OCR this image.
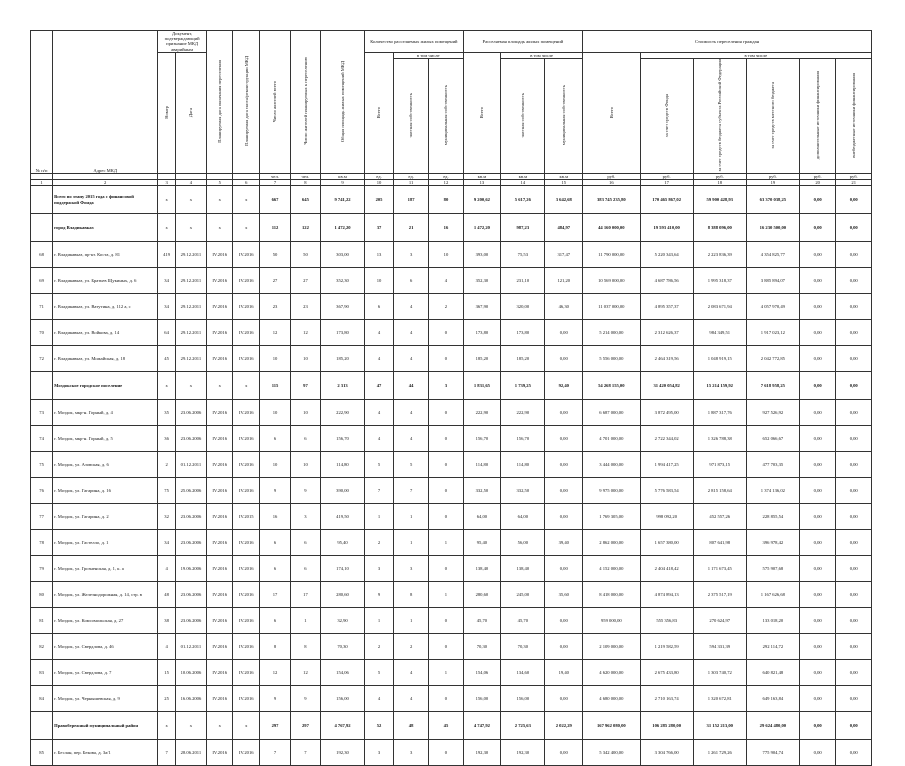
№ п/п	Адрес МКД	Документ, подтверждающий признание МКД аварийным		Планируемая дата окончания переселения	Планируемая дата сноса/реконструкции МКД	Число жителей всего	Число жителей планируемых к переселению	Общая площадь жилых помещений МКД	Количество расселяемых жилых помещений			Расселяемая площадь жилых помещений			Стоимость переселения граждан					
		Номер	Дата						Всего	в том числе		Всего	в том числе		Всего	в том числе				
										частная собственность	муниципальная собственность		частная собственность	муниципальная собственность		за счет средств Фонда	за счет средств бюджета субъекта Российской Федерации	за счет средств местного бюджета	дополнительные источники финансирования	внебюджетные источники финансирования
						чел.	чел.	кв.м	ед.	ед.	ед.	кв.м	кв.м	кв.м	руб.	руб.	руб.	руб.	руб.	руб.
1	2	3	4	5	6	7	8	9	10	11	12	13	14	15	16	17	18	19	20	21
	Всего по этапу 2015 года с финансовой поддержкой Фонда	x	x	x	x	667	645	9 741,22	205	187	80	9 200,62	5 617,26	3 642,68	383 745 235,80	170 465 867,02	59 900 428,93	63 370 038,25	0,00	0,00
	город Владикавказ	x	x	x	x	112	122	1 472,20	37	21	16	1 472,20	987,23	484,97	44 160 000,00	19 593 410,00	8 388 096,00	16 230 500,00	0,00	0,00
68	г. Владикавказ, пр-кт. Коста, д. 81	419	29.12.2011	IV.2016	IV.2016	50	50	303,00	13	3	10	393,00	75,53	317,47	11 790 000,00	5 220 343,64	2 223 836,39	4 354 825,77	0,00	0,00
69	г. Владикавказ, ул. Братьев Щукиных, д. 6	34	29.12.2011	IV.2016	IV.2016	27	27	352,30	10	6	4	352,30	231,10	121,20	10 569 000,00	4 687 786,56	1 995 318,37	3 885 894,07	0,00	0,00
71	г. Владикавказ, ул. Ватутина, д. 112 а, с	34	29.12.2011	IV.2016	IV.2016	23	23	367,90	6	4	2	367,90	320,00	46,30	11 037 000,00	4 895 357,37	2 083 671,94	4 057 970,49	0,00	0,00
70	г. Владикавказ, ул. Войкова, д. 14	64	29.12.2011	IV.2016	IV.2016	12	12	173,80	4	4	0	173,80	173,80	0,00	5 214 000,00	2 312 626,37	984 349,51	1 917 023,12	0,00	0,00
72	г. Владикавказ, ул. Можайская, д. 18	45	29.12.2011	IV.2016	IV.2016	10	10	185,20	4	4	0	185,20	185,20	0,00	5 556 000,00	2 464 319,56	1 048 919,15	2 042 772,85	0,00	0,00
	Моздокское городское поселение	x	x	x	x	115	97	2 313	47	44	3	1 831,65	1 739,25	92,40	54 268 155,00	31 420 054,82	15 214 159,92	7 618 958,25	0,00	0,00
73	г. Моздок, мкр-н. Горный, д. 4	35	23.06.2006	IV.2016	IV.2016	10	10	222,90	4	4	0	222,90	222,90	0,00	6 687 000,00	3 872 495,00	1 887 317,76	927 526,92	0,00	0,00
74	г. Моздок, мкр-н. Горный, д. 5	36	23.06.2006	IV.2016	IV.2016	6	6	156,70	4	4	0	156,70	156,70	0,00	4 701 000,00	2 722 344,02	1 326 788,38	652 066,67	0,00	0,00
75	г. Моздок, ул. Азовская, д. 6	2	01.12.2011	IV.2016	IV.2016	10	10	114,80	5	5	0	114,80	114,80	0,00	3 444 000,00	1 994 417,25	971 873,15	477 703,35	0,00	0,00
76	г. Моздок, ул. Гагарина, д. 16	75	25.06.2006	IV.2016	IV.2016	9	9	390,00	7	7	0	332,50	332,50	0,00	9 975 000,00	5 776 583,54	2 815 158,64	1 374 136,02	0,00	0,00
77	г. Моздок, ул. Гагарина, д. 2	32	23.06.2006	IV.2016	IV.2015	16	3	419,50	1	1	0	64,00	64,00	0,00	1 769 305,00	998 092,20	452 557,26	228 855,54	0,00	0,00
78	г. Моздок, ул. Гастелло, д. 1	34	23.06.2006	IV.2016	IV.2016	6	6	95,40	2	1	1	95,40	56,00	39,40	2 862 000,00	1 657 380,00	807 641,98	396 978,42	0,00	0,00
79	г. Моздок, ул. Грозненская, д. 1, к. а	4	19.06.2006	IV.2016	IV.2016	6	6	174,10	3	3	0	138,40	138,40	0,00	4 152 000,00	2 404 418,42	1 171 673,45	575 907,68	0,00	0,00
80	г. Моздок, ул. Железнодорожная, д. 14, стр. в	48	23.06.2006	IV.2016	IV.2016	17	17	280,60	9	8	1	280,60	245,00	35,60	8 418 000,00	4 874 894,13	2 375 517,19	1 167 626,68	0,00	0,00
81	г. Моздок, ул. Комсомольская, д. 27	38	23.06.2006	IV.2016	IV.2016	6	1	32,90	1	1	0	45,70	45,70	0,00	959 000,00	555 356,83	270 624,97	133 018,20	0,00	0,00
82	г. Моздок, ул. Свердлова, д. 46	4	01.12.2011	IV.2016	IV.2016	8	8	70,30	2	2	0	70,30	70,30	0,00	2 109 000,00	1 219 582,59	594 331,39	292 114,72	0,00	0,00
83	г. Моздок, ул. Свердлова, д. 7	15	10.06.2006	IV.2016	IV.2016	12	12	154,06	5	4	1	154,06	134,60	19,40	4 620 000,00	2 675 433,80	1 303 740,72	640 821,48	0,00	0,00
84	г. Моздок, ул. Чернышевская, д. 9	25	16.06.2006	IV.2016	IV.2016	9	9	156,00	4	4	0	156,00	156,00	0,00	4 680 000,00	2 710 163,74	1 320 672,81	649 163,84	0,00	0,00
	Правобережный муниципальный район	x	x	x	x	297	297	4 767,92	52	48	45	4 747,92	2 725,63	2 022,29	167 962 080,00	106 285 280,00	31 152 213,00	29 624 480,00	0,00	0,00
85	г. Беслан, пер. Бекова, д. 3а/1	7	28.06.2011	IV.2016	IV.2016	7	7	192,30	3	3	0	192,30	192,30	0,00	5 342 400,00	3 304 766,00	1 261 729,26	775 904,74	0,00	0,00
